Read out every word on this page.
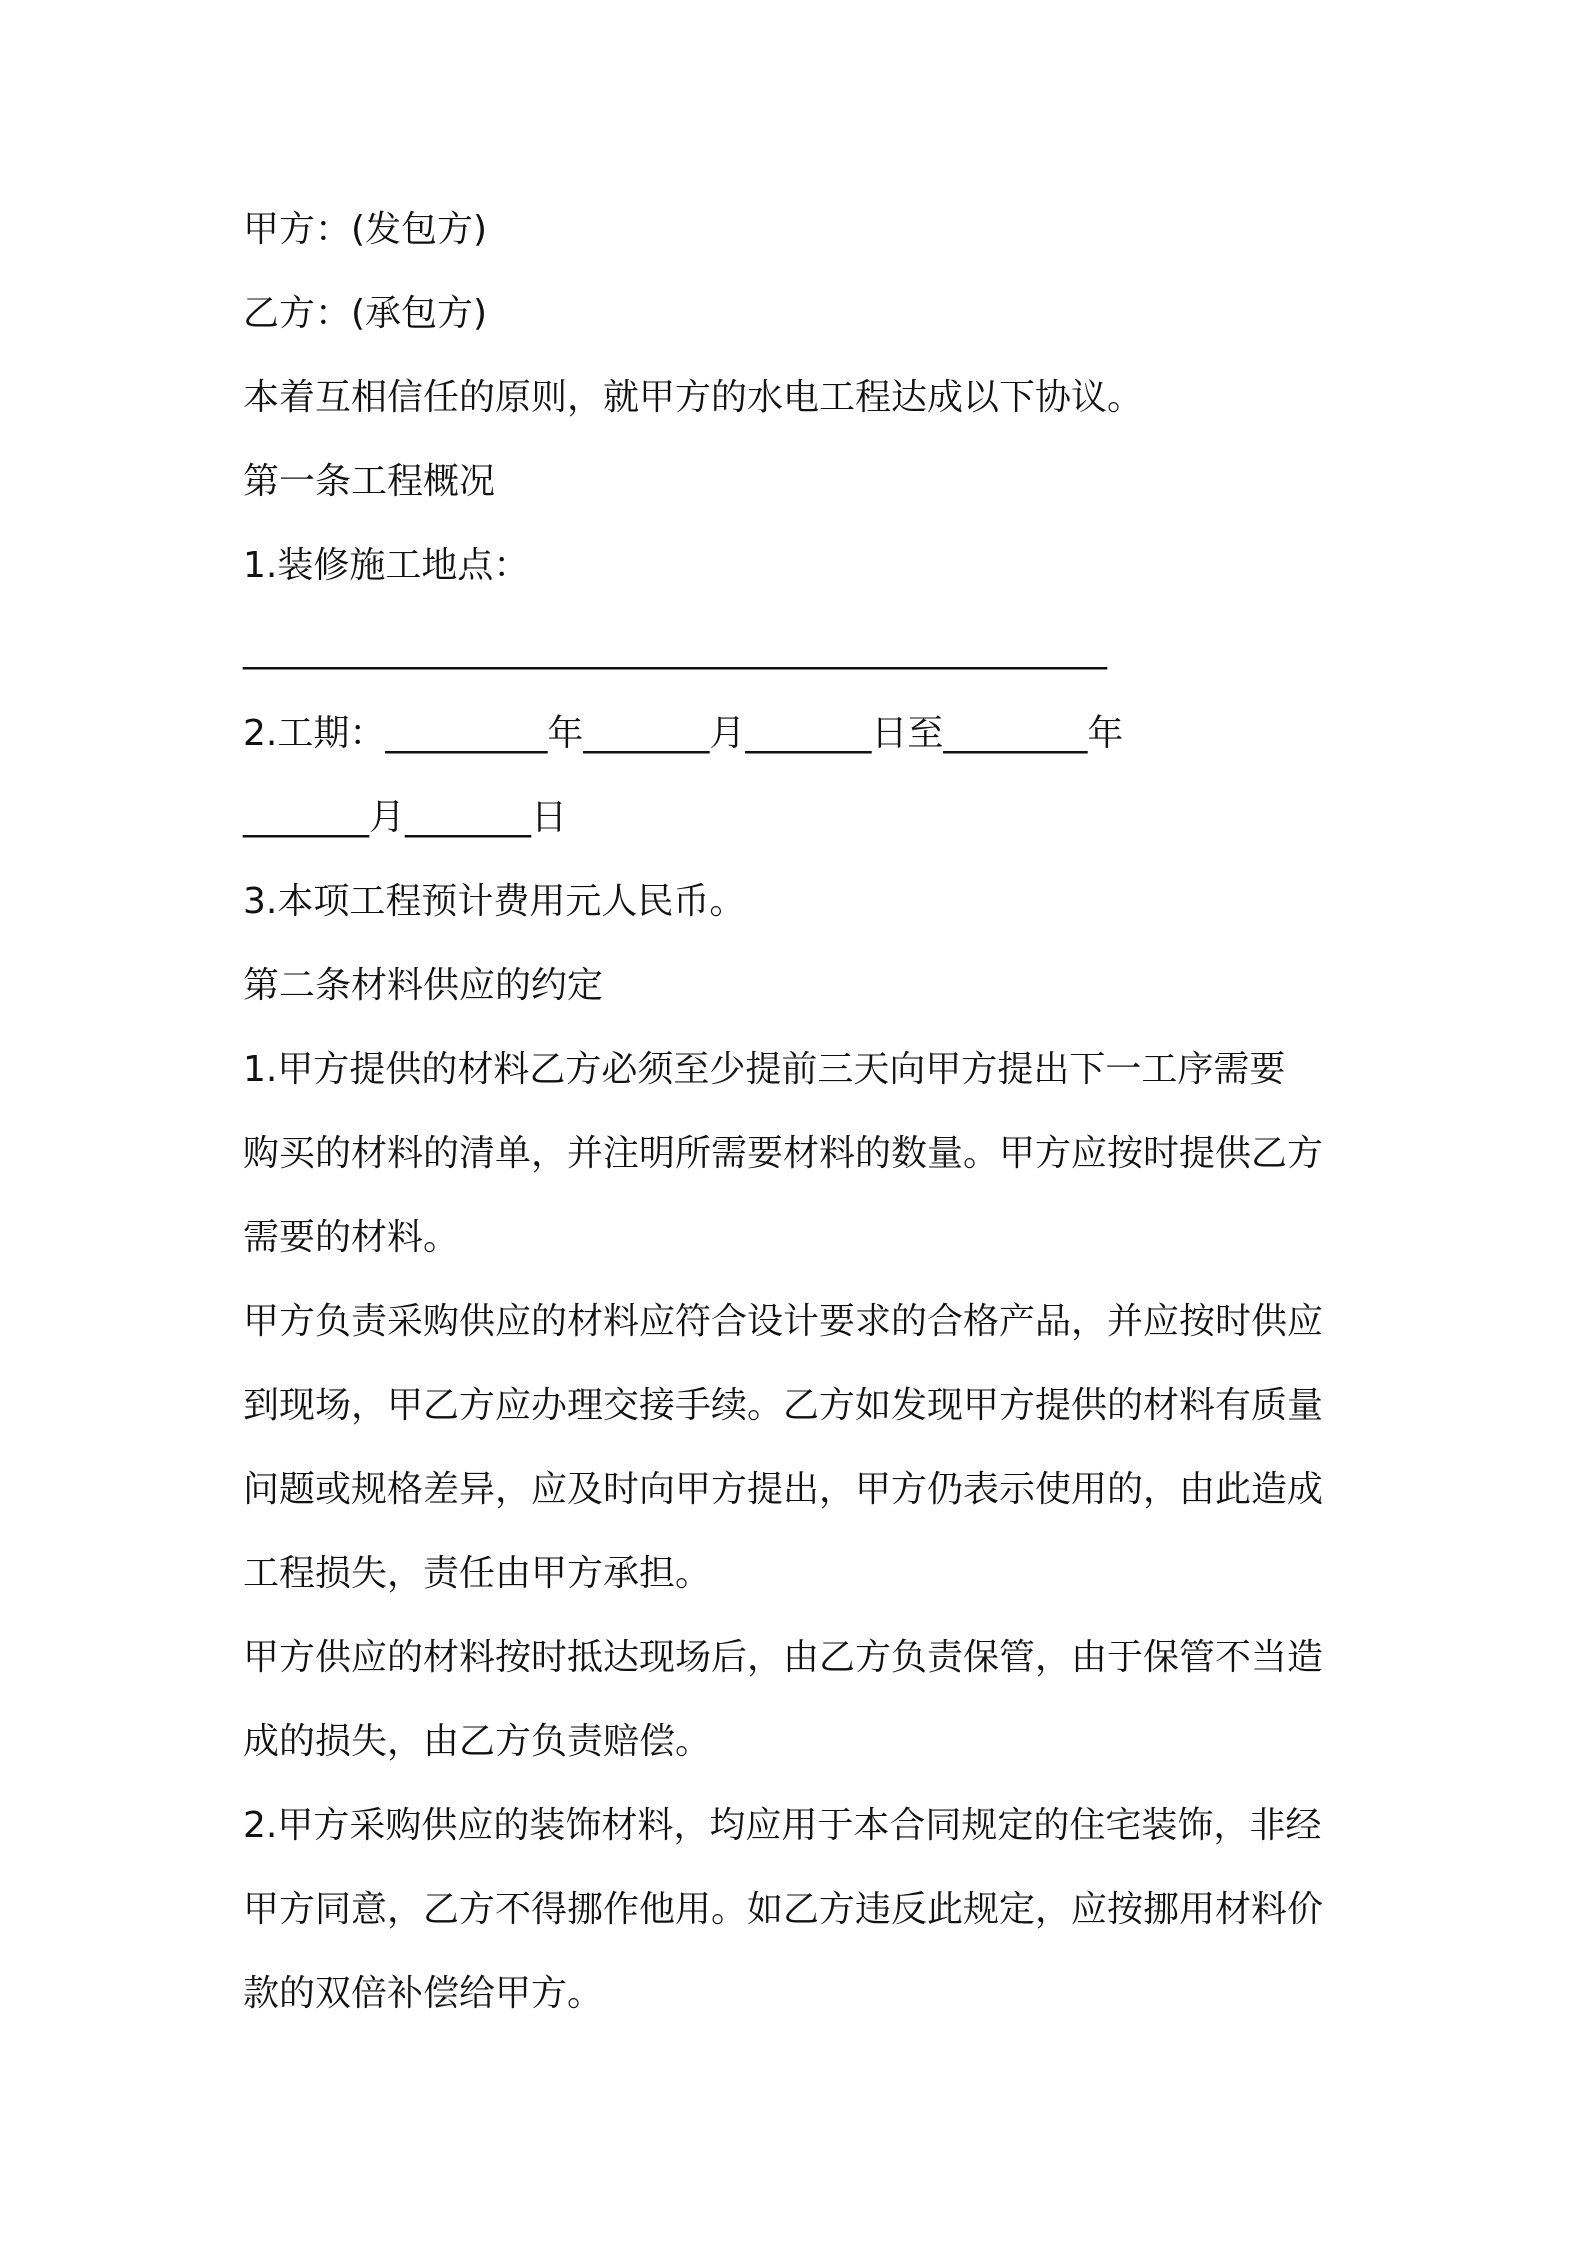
甲方：(发包方)
乙方：(承包方)
本着互相信任的原则，就甲方的水电工程达成以下协议。
第一条工程概况
1.装修施工地点：
________________________________________________
2.工期：_________年_______月_______日至________年
_______月_______日
3.本项工程预计费用元人民币。
第二条材料供应的约定
1.甲方提供的材料乙方必须至少提前三天向甲方提出下一工序需要
购买的材料的清单，并注明所需要材料的数量。甲方应按时提供乙方
需要的材料。
甲方负责采购供应的材料应符合设计要求的合格产品，并应按时供应
到现场，甲乙方应办理交接手续。乙方如发现甲方提供的材料有质量
问题或规格差异，应及时向甲方提出，甲方仍表示使用的，由此造成
工程损失，责任由甲方承担。
甲方供应的材料按时抵达现场后，由乙方负责保管，由于保管不当造
成的损失，由乙方负责赔偿。
2.甲方采购供应的装饰材料，均应用于本合同规定的住宅装饰，非经
甲方同意，乙方不得挪作他用。如乙方违反此规定，应按挪用材料价
款的双倍补偿给甲方。
